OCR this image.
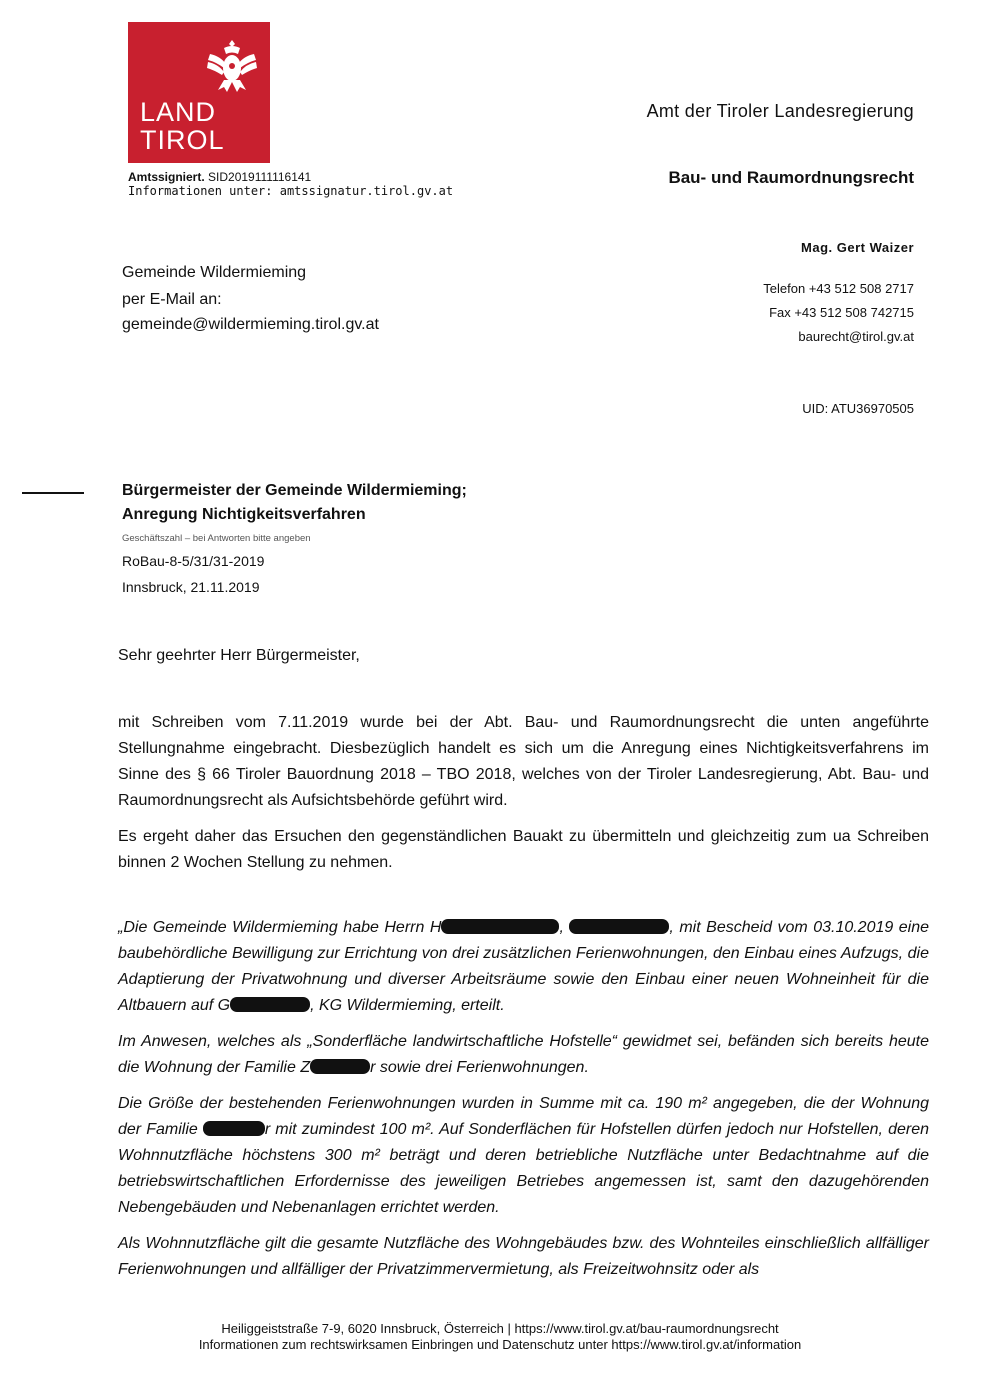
LAND
TIROL
Amtssigniert. SID2019111116141
Informationen unter: amtssignatur.tirol.gv.at
Amt der Tiroler Landesregierung
Bau- und Raumordnungsrecht
Mag. Gert Waizer
Telefon +43 512 508 2717
Fax +43 512 508 742715
baurecht@tirol.gv.at
UID: ATU36970505
Gemeinde Wildermieming
per E-Mail an:
gemeinde@wildermieming.tirol.gv.at
Bürgermeister der Gemeinde Wildermieming;
Anregung Nichtigkeitsverfahren
Geschäftszahl – bei Antworten bitte angeben
RoBau-8-5/31/31-2019
Innsbruck, 21.11.2019
Sehr geehrter Herr Bürgermeister,

mit Schreiben vom 7.11.2019 wurde bei der Abt. Bau- und Raumordnungsrecht die unten angeführte Stellungnahme eingebracht. Diesbezüglich handelt es sich um die Anregung eines Nichtigkeitsverfahrens im Sinne des § 66 Tiroler Bauordnung 2018 – TBO 2018, welches von der Tiroler Landesregierung, Abt. Bau- und Raumordnungsrecht als Aufsichtsbehörde geführt wird.

Es ergeht daher das Ersuchen den gegenständlichen Bauakt zu übermitteln und gleichzeitig zum ua Schreiben binnen 2 Wochen Stellung zu nehmen.

„Die Gemeinde Wildermieming habe Herrn H	,	, mit Bescheid vom 03.10.2019 eine baubehördliche Bewilligung zur Errichtung von drei zusätzlichen Ferienwohnungen, den Einbau eines Aufzugs, die Adaptierung der Privatwohnung und diverser Arbeitsräume sowie den Einbau einer neuen Wohneinheit für die Altbauern auf G	, KG Wildermieming, erteilt.

Im Anwesen, welches als „Sonderfläche landwirtschaftliche Hofstelle“ gewidmet sei, befänden sich bereits heute die Wohnung der Familie Z	r sowie drei Ferienwohnungen.

Die Größe der bestehenden Ferienwohnungen wurden in Summe mit ca. 190 m² angegeben, die der Wohnung der Familie	r mit zumindest 100 m². Auf Sonderflächen für Hofstellen dürfen jedoch nur Hofstellen, deren Wohnnutzfläche höchstens 300 m² beträgt und deren betriebliche Nutzfläche unter Bedachtnahme auf die betriebswirtschaftlichen Erfordernisse des jeweiligen Betriebes angemessen ist, samt den dazugehörenden Nebengebäuden und Nebenanlagen errichtet werden.

Als Wohnnutzfläche gilt die gesamte Nutzfläche des Wohngebäudes bzw. des Wohnteiles einschließlich allfälliger Ferienwohnungen und allfälliger der Privatzimmervermietung, als Freizeitwohnsitz oder als

Heiliggeiststraße 7-9, 6020 Innsbruck, Österreich | https://www.tirol.gv.at/bau-raumordnungsrecht
Informationen zum rechtswirksamen Einbringen und Datenschutz unter https://www.tirol.gv.at/information
